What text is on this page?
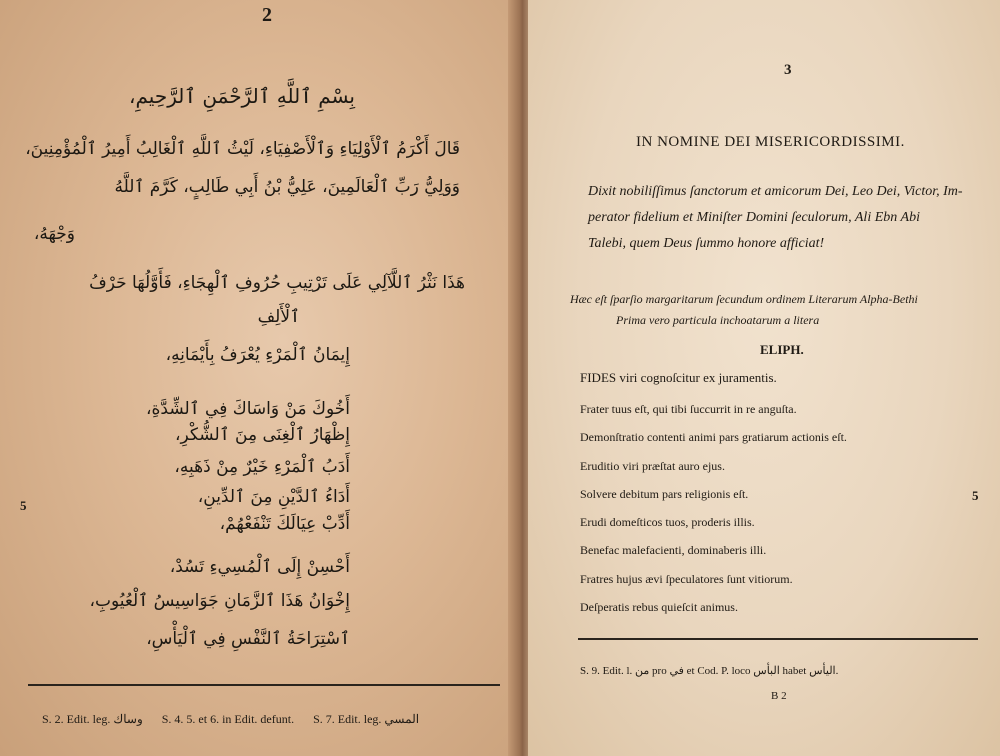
2
بِسْمِ ٱللَّهِ ٱلرَّحْمَنِ ٱلرَّحِيمِ،
قَالَ أَكْرَمُ ٱلْأَوْلِيَاءِ وَٱلْأَصْفِيَاءِ، لَيْثُ ٱللَّهِ ٱلْغَالِبُ أَمِيرُ ٱلْمُؤْمِنِينَ،
وَوَلِيُّ رَبِّ ٱلْعَالَمِينَ، عَلِيُّ بْنُ أَبِي طَالِبٍ، كَرَّمَ ٱللَّهُ
وَجْهَهُ،
هَذَا نَثْرُ ٱللَّآلِي عَلَى تَرْتِيبِ حُرُوفِ ٱلْهِجَاءِ، فَأَوَّلُهَا حَرْفُ
ٱلْأَلِفِ
إِيمَانُ ٱلْمَرْءِ يُعْرَفُ بِأَيْمَانِهِ،
أَخُوكَ مَنْ وَاسَاكَ فِي ٱلشِّدَّةِ،
إِظْهَارُ ٱلْغِنَى مِنَ ٱلشُّكْرِ،
أَدَبُ ٱلْمَرْءِ خَيْرٌ مِنْ ذَهَبِهِ،
أَدَاءُ ٱلدَّيْنِ مِنَ ٱلدِّينِ،
أَدِّبْ عِيَالَكَ تَنْفَعْهُمْ،
أَحْسِنْ إِلَى ٱلْمُسِيءِ تَسُدْ،
إِخْوَانُ هَذَا ٱلزَّمَانِ جَوَاسِيسُ ٱلْعُيُوبِ،
ٱسْتِرَاحَةُ ٱلنَّفْسِ فِي ٱلْيَأْسِ،
5
S. 2. Edit. leg. وساك S. 4. 5. et 6. in Edit. defunt. S. 7. Edit. leg. المسي
3
IN NOMINE DEI MISERICORDISSIMI.
Dixit nobiliſſimus ſanctorum et amicorum Dei, Leo Dei, Victor, Im-
perator fidelium et Miniſter Domini ſeculorum, Ali Ebn Abi
Talebi, quem Deus ſummo honore afficiat!
Hæc eſt ſparſio margaritarum ſecundum ordinem Literarum Alpha-Bethi
Prima vero particula inchoatarum a litera
ELIPH.
FIDES viri cognoſcitur ex juramentis.
Frater tuus eſt, qui tibi ſuccurrit in re anguſta.
Demonſtratio contenti animi pars gratiarum actionis eſt.
Eruditio viri præſtat auro ejus.
Solvere debitum pars religionis eſt.
Erudi domeſticos tuos, proderis illis.
Benefac malefacienti, dominaberis illi.
Fratres hujus ævi ſpeculatores ſunt vitiorum.
Deſperatis rebus quieſcit animus.
5
S. 9. Edit. l. من pro في et Cod. P. loco البأس habet اليأس.
B 2
